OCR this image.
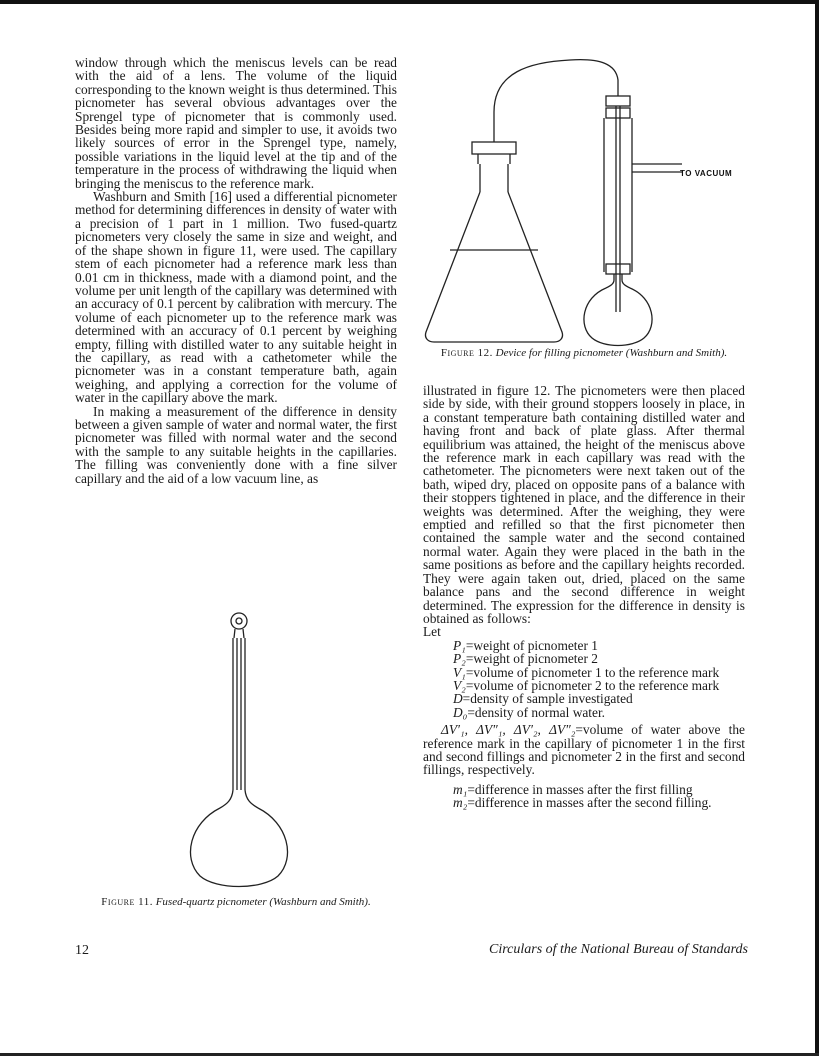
window through which the meniscus levels can be read with the aid of a lens. The volume of the liquid corresponding to the known weight is thus determined. This picnometer has several obvious advantages over the Sprengel type of picnometer that is commonly used. Besides being more rapid and simpler to use, it avoids two likely sources of error in the Sprengel type, namely, possible variations in the liquid level at the tip and of the temperature in the process of withdrawing the liquid when bringing the meniscus to the reference mark.

Washburn and Smith [16] used a differential picnometer method for determining differences in density of water with a precision of 1 part in 1 million. Two fused-quartz picnometers very closely the same in size and weight, and of the shape shown in figure 11, were used. The capillary stem of each picnometer had a reference mark less than 0.01 cm in thickness, made with a diamond point, and the volume per unit length of the capillary was determined with an accuracy of 0.1 percent by calibration with mercury. The volume of each picnometer up to the reference mark was determined with an accuracy of 0.1 percent by weighing empty, filling with distilled water to any suitable height in the capillary, as read with a cathetometer while the picnometer was in a constant temperature bath, again weighing, and applying a correction for the volume of water in the capillary above the mark.

In making a measurement of the difference in density between a given sample of water and normal water, the first picnometer was filled with normal water and the second with the sample to any suitable heights in the capillaries. The filling was conveniently done with a fine silver capillary and the aid of a low vacuum line, as

Figure 11. Fused-quartz picnometer (Washburn and Smith).
TO VACUUM
Figure 12. Device for filling picnometer (Washburn and Smith).

illustrated in figure 12. The picnometers were then placed side by side, with their ground stoppers loosely in place, in a constant temperature bath containing distilled water and having front and back of plate glass. After thermal equilibrium was attained, the height of the meniscus above the reference mark in each capillary was read with the cathetometer. The picnometers were next taken out of the bath, wiped dry, placed on opposite pans of a balance with their stoppers tightened in place, and the difference in their weights was determined. After the weighing, they were emptied and refilled so that the first picnometer then contained the sample water and the second contained normal water. Again they were placed in the bath in the same positions as before and the capillary heights recorded. They were again taken out, dried, placed on the same balance pans and the second difference in weight determined. The expression for the difference in density is obtained as follows:

Let

P₁=weight of picnometer 1

P₂=weight of picnometer 2

V₁=volume of picnometer 1 to the reference mark

V₂=volume of picnometer 2 to the reference mark

D=density of sample investigated

D₀=density of normal water.

ΔV′₁, ΔV″₁, ΔV′₂, ΔV″₂=volume of water above the reference mark in the capillary of picnometer 1 in the first and second fillings and picnometer 2 in the first and second fillings, respectively.

m₁=difference in masses after the first filling

m₂=difference in masses after the second filling.

12	Circulars of the National Bureau of Standards
